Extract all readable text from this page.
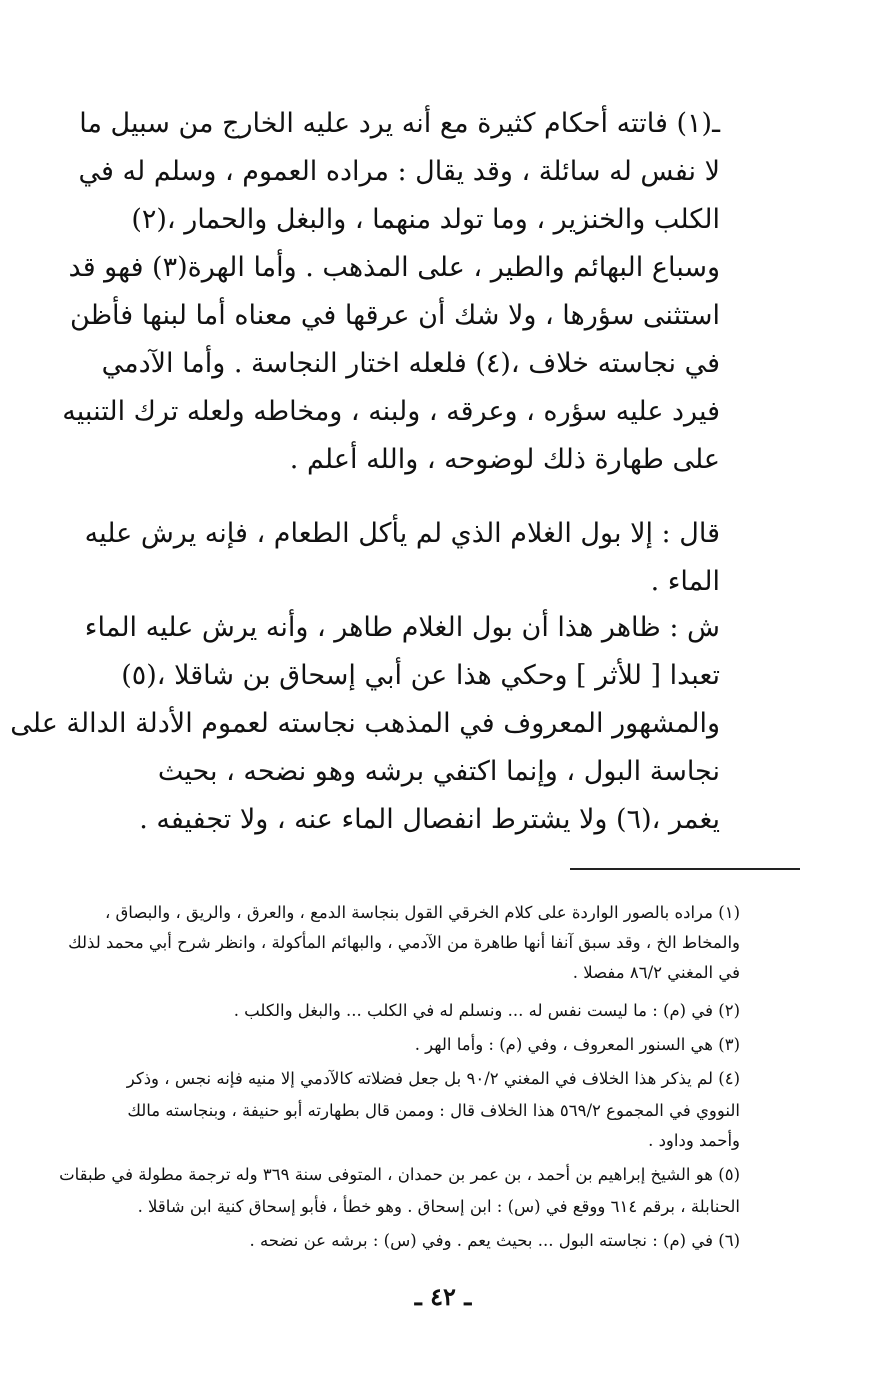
ـ(١) فاتته أحكام كثيرة مع أنه يرد عليه الخارج من سبيل ما
لا نفس له سائلة ، وقد يقال : مراده العموم ، وسلم له في
الكلب والخنزير ، وما تولد منهما ، والبغل والحمار ،(٢)
وسباع البهائم والطير ، على المذهب . وأما الهرة(٣) فهو قد
استثنى سؤرها ، ولا شك أن عرقها في معناه أما لبنها فأظن
في نجاسته خلاف ،(٤) فلعله اختار النجاسة . وأما الآدمي
فيرد عليه سؤره ، وعرقه ، ولبنه ، ومخاطه ولعله ترك التنبيه
على طهارة ذلك لوضوحه ، والله أعلم .
قال : إلا بول الغلام الذي لم يأكل الطعام ، فإنه يرش عليه
الماء .
ش : ظاهر هذا أن بول الغلام طاهر ، وأنه يرش عليه الماء
تعبدا [ للأثر ] وحكي هذا عن أبي إسحاق بن شاقلا ،(٥)
والمشهور المعروف في المذهب نجاسته لعموم الأدلة الدالة على
نجاسة البول ، وإنما اكتفي برشه وهو نضحه ، بحيث
يغمر ،(٦) ولا يشترط انفصال الماء عنه ، ولا تجفيفه .
(١) مراده بالصور الواردة على كلام الخرقي القول بنجاسة الدمع ، والعرق ، والريق ، والبصاق ،
والمخاط الخ ، وقد سبق آنفا أنها طاهرة من الآدمي ، والبهائم المأكولة ، وانظر شرح أبي محمد لذلك
في المغني ٨٦/٢ مفصلا .
(٢) في (م) : ما ليست نفس له ... ونسلم له في الكلب ... والبغل والكلب .
(٣) هي السنور المعروف ، وفي (م) : وأما الهر .
(٤) لم يذكر هذا الخلاف في المغني ٩٠/٢ بل جعل فضلاته كالآدمي إلا منيه فإنه نجس ، وذكر
النووي في المجموع ٥٦٩/٢ هذا الخلاف قال : وممن قال بطهارته أبو حنيفة ، وبنجاسته مالك
وأحمد وداود .
(٥) هو الشيخ إبراهيم بن أحمد ، بن عمر بن حمدان ، المتوفى سنة ٣٦٩ وله ترجمة مطولة في طبقات
الحنابلة ، برقم ٦١٤ ووقع في (س) : ابن إسحاق . وهو خطأ ، فأبو إسحاق كنية ابن شاقلا .
(٦) في (م) : نجاسته البول ... بحيث يعم . وفي (س) : برشه عن نضحه .
ـ ٤٢ ـ
